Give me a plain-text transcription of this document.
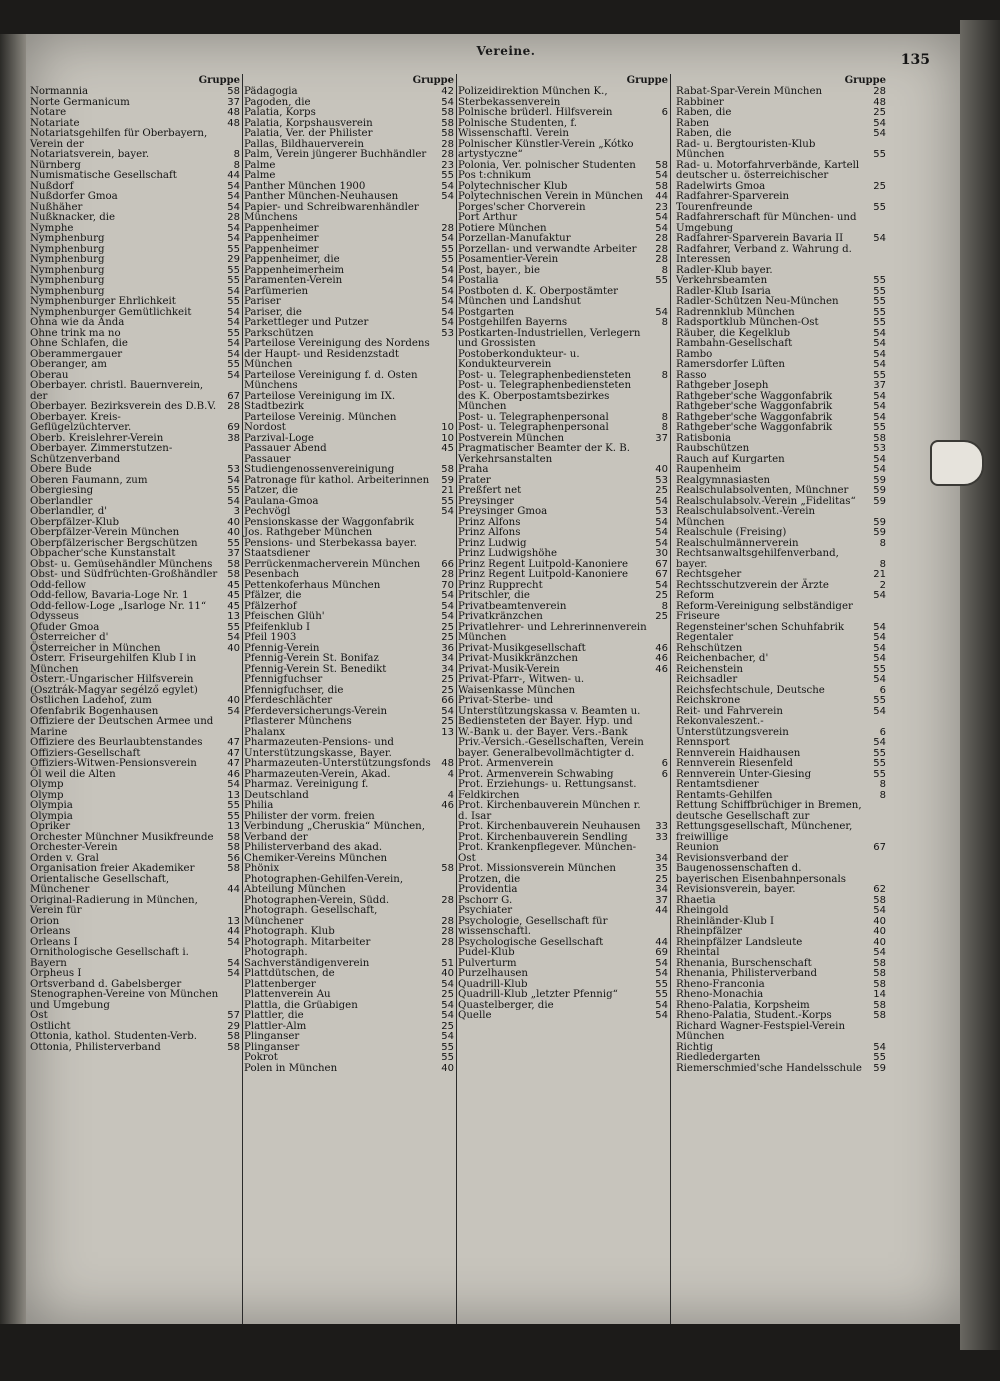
Vereine.
135
Gruppe
Normannia	58
Norte Germanicum	37
Notare	48
Notariate	48
Notariatsgehilfen für Oberbayern, Verein der
Notariatsverein, bayer.	8
Nürnberg	8
Numismatische Gesellschaft	44
Nußdorf	54
Nußdorfer Gmoa	54
Nußhäher	54
Nußknacker, die	28
Nymphe	54
Nymphenburg	54
Nymphenburg	55
Nymphenburg	29
Nymphenburg	55
Nymphenburg	55
Nymphenburg	54
Nymphenburger Ehrlichkeit	55
Nymphenburger Gemütlichkeit	54
Ohna wie da Anda	54
Ohne trink ma no	55
Ohne Schlafen, die	54
Oberammergauer	54
Oberanger, am	55
Oberau	54
Oberbayer. christl. Bauernverein, der	67
Oberbayer. Bezirksverein des D.B.V.	28
Oberbayer. Kreis-Geflügelzüchterver.	69
Oberb. Kreislehrer-Verein	38
Oberbayer. Zimmerstutzen-Schützenverband
Obere Bude	53
Oberen Faumann, zum	54
Obergiesing	55
Oberlandler	54
Oberlandler, d'	3
Oberpfälzer-Klub	40
Oberpfälzer-Verein München	40
Oberpfälzerischer Bergschützen	55
Obpacher'sche Kunstanstalt	37
Obst- u. Gemüsehändler Münchens	58
Obst- und Südfrüchten-Großhändler	58
Odd-fellow	45
Odd-fellow, Bavaria-Loge Nr. 1	45
Odd-fellow-Loge „Isarloge Nr. 11“	45
Odysseus	13
Ofuder Gmoa	55
Österreicher d'	54
Österreicher in München	40
Österr. Friseurgehilfen Klub I in München
Österr.-Ungarischer Hilfsverein (Osztrák-Magyar segélző egylet)
Östlichen Ladehof, zum	40
Ofenfabrik Bogenhausen	54
Offiziere der Deutschen Armee und Marine
Offiziere des Beurlaubtenstandes	47
Offiziers-Gesellschaft	47
Offiziers-Witwen-Pensionsverein	47
Öl weil die Alten	46
Olymp	54
Olymp	13
Olympia	55
Olympia	55
Opriker	13
Orchester Münchner Musikfreunde	58
Orchester-Verein	58
Orden v. Gral	56
Organisation freier Akademiker	58
Orientalische Gesellschaft, Münchener	44
Original-Radierung in München, Verein für
Orion	13
Orleans	44
Orleans I	54
Ornithologische Gesellschaft i. Bayern	54
Orpheus I	54
Ortsverband d. Gabelsberger Stenographen-Vereine von München und Umgebung
Ost	57
Ostlicht	29
Ottonia, kathol. Studenten-Verb.	58
Ottonia, Philisterverband	58
Gruppe
Pädagogia	42
Pagoden, die	54
Palatia, Korps	58
Palatia, Korpshausverein	58
Palatia, Ver. der Philister	58
Pallas, Bildhauerverein	28
Palm, Verein jüngerer Buchhändler	28
Palme	23
Palme	55
Panther München 1900	54
Panther München-Neuhausen	54
Papier- und Schreibwarenhändler Münchens
Pappenheimer	28
Pappenheimer	54
Pappenheimer	55
Pappenheimer, die	55
Pappenheimerheim	54
Paramenten-Verein	54
Parfümerien	54
Pariser	54
Pariser, die	54
Parkettleger und Putzer	54
Parkschützen	53
Parteilose Vereinigung des Nordens der Haupt- und Residenzstadt München
Parteilose Vereinigung f. d. Osten Münchens
Parteilose Vereinigung im IX. Stadtbezirk
Parteilose Vereinig. München Nordost	10
Parzival-Loge	10
Passauer Abend	45
Passauer Studiengenossenvereinigung	58
Patronage für kathol. Arbeiterinnen	59
Patzer, die	21
Paulana-Gmoa	55
Pechvögl	54
Pensionskasse der Waggonfabrik Jos. Rathgeber München
Pensions- und Sterbekassa bayer. Staatsdiener
Perrückenmacherverein München	66
Pesenbach	28
Pettenkoferhaus München	70
Pfälzer, die	54
Pfälzerhof	54
Pfeischen Glüh'	54
Pfeifenklub I	25
Pfeil 1903	25
Pfennig-Verein	36
Pfennig-Verein St. Bonifaz	34
Pfennig-Verein St. Benedikt	34
Pfennigfuchser	25
Pfennigfuchser, die	25
Pferdeschlächter	66
Pferdeversicherungs-Verein	54
Pflasterer Münchens	25
Phalanx	13
Pharmazeuten-Pensions- und Unterstützungskasse, Bayer.
Pharmazeuten-Unterstützungsfonds	48
Pharmazeuten-Verein, Akad.	4
Pharmaz. Vereinigung f. Deutschland	4
Philia	46
Philister der vorm. freien Verbindung „Cheruskia“ München, Verband der
Philisterverband des akad. Chemiker-Vereins München
Phönix	58
Photographen-Gehilfen-Verein, Abteilung München
Photographen-Verein, Südd.	28
Photograph. Gesellschaft, Münchener	28
Photograph. Klub	28
Photograph. Mitarbeiter	28
Photograph. Sachverständigenverein	51
Plattdütschen, de	40
Plattenberger	54
Plattenverein Au	25
Plattla, die Grüabigen	54
Plattler, die	54
Plattler-Alm	25
Plinganser	54
Plinganser	55
Pokrot	55
Polen in München	40
Gruppe
Polizeidirektion München K., Sterbekassenverein
Polnische brüderl. Hilfsverein	6
Polnische Studenten, f. Wissenschaftl. Verein
Polnischer Künstler-Verein „Kótko artystyczne“
Polonia, Ver. polnischer Studenten	58
Pos t:chnikum	54
Polytechnischer Klub	58
Polytechnischen Verein in München	44
Porges'scher Chorverein	23
Port Arthur	54
Potiere München	54
Porzellan-Manufaktur	28
Porzellan- und verwandte Arbeiter	28
Posamentier-Verein	28
Post, bayer., bie	8
Postalia	55
Postboten d. K. Oberpostämter München und Landshut
Postgarten	54
Postgehilfen Bayerns	8
Postkarten-Industriellen, Verlegern und Grossisten
Postoberkondukteur- u. Kondukteurverein
Post- u. Telegraphenbediensteten	8
Post- u. Telegraphenbediensteten des K. Oberpostamtsbezirkes München
Post- u. Telegraphenpersonal	8
Post- u. Telegraphenpersonal	8
Postverein München	37
Pragmatischer Beamter der K. B. Verkehrsanstalten
Praha	40
Prater	53
Preßfert net	25
Preysinger	54
Preysinger Gmoa	53
Prinz Alfons	54
Prinz Alfons	54
Prinz Ludwig	54
Prinz Ludwigshöhe	30
Prinz Regent Luitpold-Kanoniere	67
Prinz Regent Luitpold-Kanoniere	67
Prinz Rupprecht	54
Pritschler, die	25
Privatbeamtenverein	8
Privatkränzchen	25
Privatlehrer- und Lehrerinnenverein München
Privat-Musikgesellschaft	46
Privat-Musikkränzchen	46
Privat-Musik-Verein	46
Privat-Pfarr-, Witwen- u. Waisenkasse München
Privat-Sterbe- und Unterstützungskassa v. Beamten u. Bediensteten der Bayer. Hyp. und W.-Bank u. der Bayer. Vers.-Bank
Priv.-Versich.-Gesellschaften, Verein bayer. Generalbevollmächtigter d.
Prot. Armenverein	6
Prot. Armenverein Schwabing	6
Prot. Erziehungs- u. Rettungsanst. Feldkirchen
Prot. Kirchenbauverein München r. d. Isar
Prot. Kirchenbauverein Neuhausen	33
Prot. Kirchenbauverein Sendling	33
Prot. Krankenpflegever. München-Ost	34
Prot. Missionsverein München	35
Protzen, die	25
Providentia	34
Pschorr G.	37
Psychiater	44
Psychologie, Gesellschaft für wissenschaftl.
Psychologische Gesellschaft	44
Pudel-Klub	69
Pulverturm	54
Purzelhausen	54
Quadrill-Klub	55
Quadrill-Klub „letzter Pfennig“	55
Quastelberger, die	54
Quelle	54
Gruppe
Rabat-Spar-Verein München	28
Rabbiner	48
Raben, die	25
Raben	54
Raben, die	54
Rad- u. Bergtouristen-Klub München	55
Rad- u. Motorfahrverbände, Kartell deutscher u. österreichischer
Radelwirts Gmoa	25
Radfahrer-Sparverein Tourenfreunde	55
Radfahrerschaft für München- und Umgebung
Radfahrer-Sparverein Bavaria II	54
Radfahrer, Verband z. Wahrung d. Interessen
Radler-Klub bayer. Verkehrsbeamten	55
Radler-Klub Isaria	55
Radler-Schützen Neu-München	55
Radrennklub München	55
Radsportklub München-Ost	55
Räuber, die Kegelklub	54
Rambahn-Gesellschaft	54
Rambo	54
Ramersdorfer Lüften	54
Rasso	55
Rathgeber Joseph	37
Rathgeber'sche Waggonfabrik	54
Rathgeber'sche Waggonfabrik	54
Rathgeber'sche Waggonfabrik	54
Rathgeber'sche Waggonfabrik	55
Ratisbonia	58
Raubschützen	53
Rauch auf Kurgarten	54
Raupenheim	54
Realgymnasiasten	59
Realschulabsolventen, Münchner	59
Realschulabsolv.-Verein „Fidelitas“	59
Realschulabsolvent.-Verein München	59
Realschule (Freising)	59
Realschulmännerverein	8
Rechtsanwaltsgehilfenverband, bayer.	8
Rechtsgeher	21
Rechtsschutzverein der Ärzte	2
Reform	54
Reform-Vereinigung selbständiger Friseure
Regensteiner'schen Schuhfabrik	54
Regentaler	54
Rehschützen	54
Reichenbacher, d'	54
Reichenstein	55
Reichsadler	54
Reichsfechtschule, Deutsche	6
Reichskrone	55
Reit- und Fahrverein	54
Rekonvaleszent.-Unterstützungsverein	6
Rennsport	54
Rennverein Haidhausen	55
Rennverein Riesenfeld	55
Rennverein Unter-Giesing	55
Rentamtsdiener	8
Rentamts-Gehilfen	8
Rettung Schiffbrüchiger in Bremen, deutsche Gesellschaft zur
Rettungsgesellschaft, Münchener, freiwillige
Reunion	67
Revisionsverband der Baugenossenschaften d. bayerischen Eisenbahnpersonals
Revisionsverein, bayer.	62
Rhaetia	58
Rheingold	54
Rheinländer-Klub I	40
Rheinpfälzer	40
Rheinpfälzer Landsleute	40
Rheintal	54
Rhenania, Burschenschaft	58
Rhenania, Philisterverband	58
Rheno-Franconia	58
Rheno-Monachia	14
Rheno-Palatia, Korpsheim	58
Rheno-Palatia, Student.-Korps	58
Richard Wagner-Festspiel-Verein München
Richtig	54
Riedledergarten	55
Riemerschmied'sche Handelsschule	59
